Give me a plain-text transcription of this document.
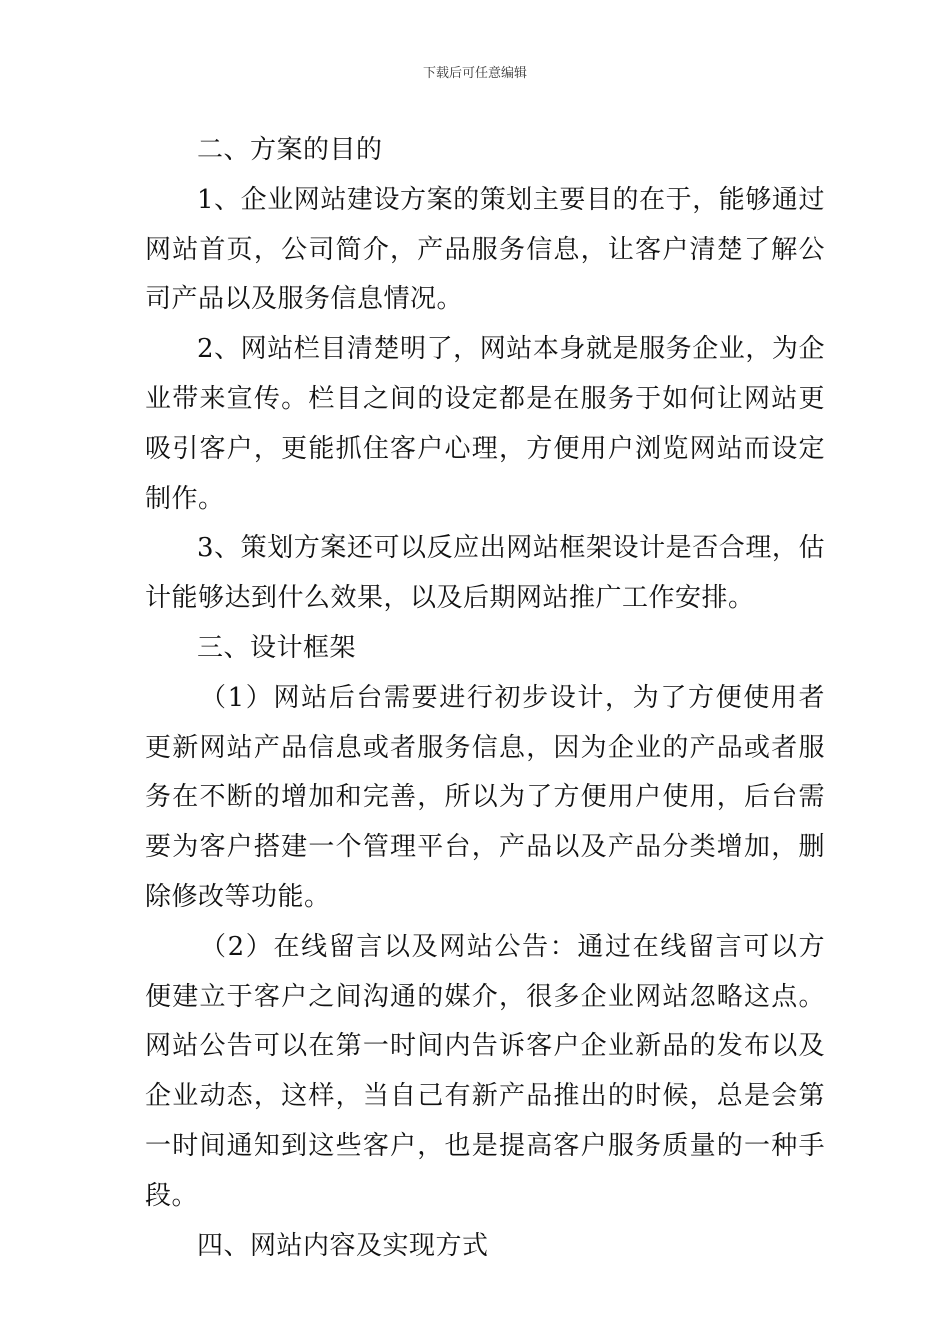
下载后可任意编辑

二、方案的目的

1、企业网站建设方案的策划主要目的在于，能够通过网站首页，公司简介，产品服务信息，让客户清楚了解公司产品以及服务信息情况。

2、网站栏目清楚明了，网站本身就是服务企业，为企业带来宣传。栏目之间的设定都是在服务于如何让网站更吸引客户，更能抓住客户心理，方便用户浏览网站而设定制作。

3、策划方案还可以反应出网站框架设计是否合理，估计能够达到什么效果，以及后期网站推广工作安排。

三、设计框架

（1）网站后台需要进行初步设计，为了方便使用者更新网站产品信息或者服务信息，因为企业的产品或者服务在不断的增加和完善，所以为了方便用户使用，后台需要为客户搭建一个管理平台，产品以及产品分类增加，删除修改等功能。

（2）在线留言以及网站公告：通过在线留言可以方便建立于客户之间沟通的媒介，很多企业网站忽略这点。网站公告可以在第一时间内告诉客户企业新品的发布以及企业动态，这样，当自己有新产品推出的时候，总是会第一时间通知到这些客户，也是提高客户服务质量的一种手段。

四、网站内容及实现方式
